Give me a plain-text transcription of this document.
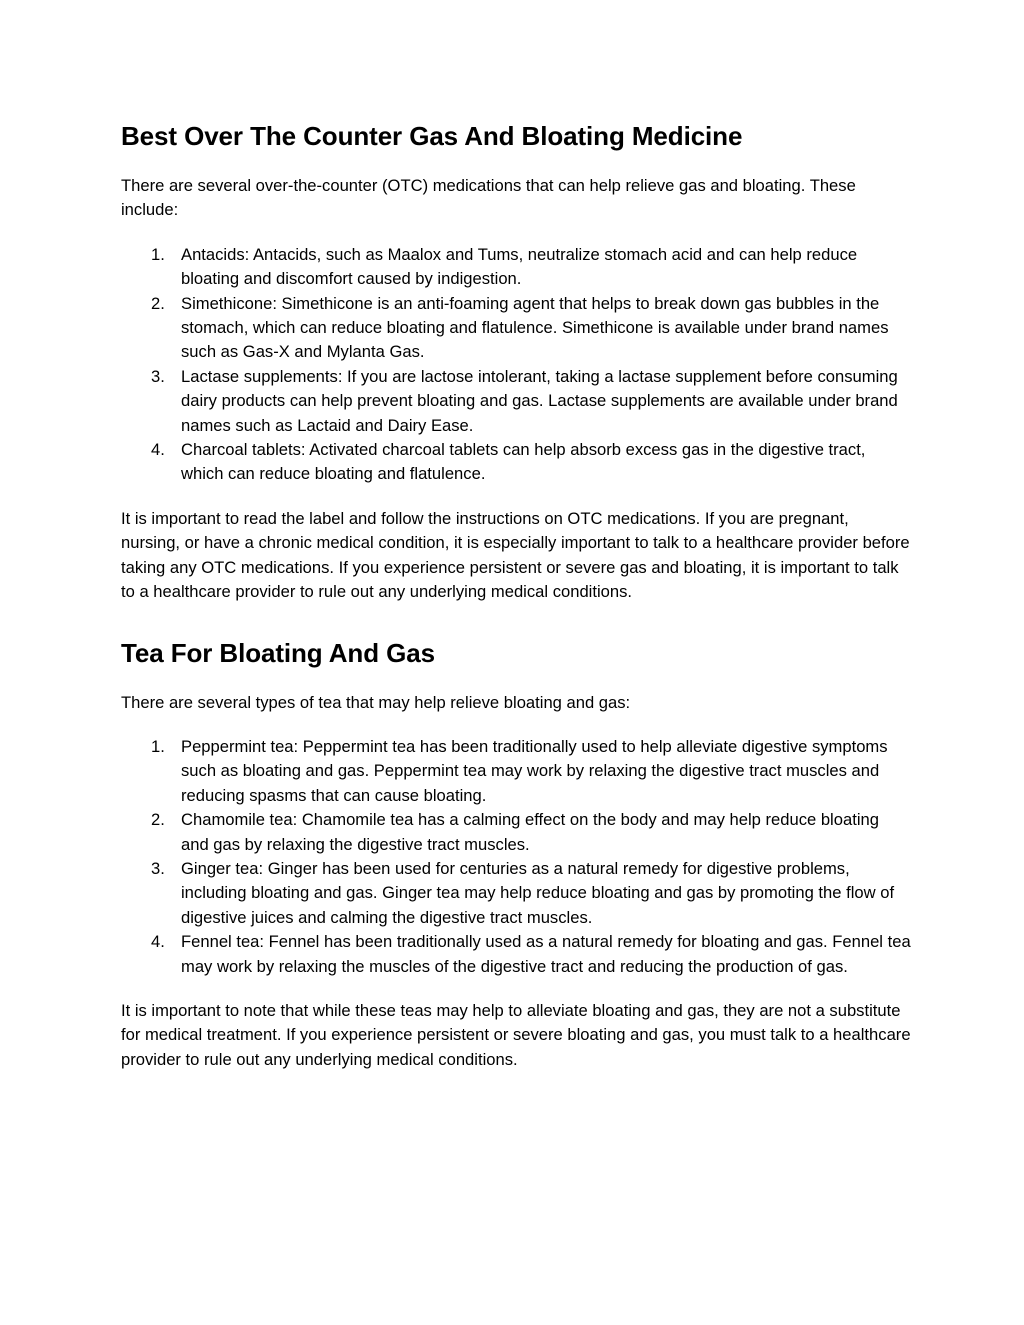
Best Over The Counter Gas And Bloating Medicine

There are several over-the-counter (OTC) medications that can help relieve gas and bloating. These include:

1. Antacids: Antacids, such as Maalox and Tums, neutralize stomach acid and can help reduce bloating and discomfort caused by indigestion.
2. Simethicone: Simethicone is an anti-foaming agent that helps to break down gas bubbles in the stomach, which can reduce bloating and flatulence. Simethicone is available under brand names such as Gas-X and Mylanta Gas.
3. Lactase supplements: If you are lactose intolerant, taking a lactase supplement before consuming dairy products can help prevent bloating and gas. Lactase supplements are available under brand names such as Lactaid and Dairy Ease.
4. Charcoal tablets: Activated charcoal tablets can help absorb excess gas in the digestive tract, which can reduce bloating and flatulence.

It is important to read the label and follow the instructions on OTC medications. If you are pregnant, nursing, or have a chronic medical condition, it is especially important to talk to a healthcare provider before taking any OTC medications. If you experience persistent or severe gas and bloating, it is important to talk to a healthcare provider to rule out any underlying medical conditions.

Tea For Bloating And Gas

There are several types of tea that may help relieve bloating and gas:

1. Peppermint tea: Peppermint tea has been traditionally used to help alleviate digestive symptoms such as bloating and gas. Peppermint tea may work by relaxing the digestive tract muscles and reducing spasms that can cause bloating.
2. Chamomile tea: Chamomile tea has a calming effect on the body and may help reduce bloating and gas by relaxing the digestive tract muscles.
3. Ginger tea: Ginger has been used for centuries as a natural remedy for digestive problems, including bloating and gas. Ginger tea may help reduce bloating and gas by promoting the flow of digestive juices and calming the digestive tract muscles.
4. Fennel tea: Fennel has been traditionally used as a natural remedy for bloating and gas. Fennel tea may work by relaxing the muscles of the digestive tract and reducing the production of gas.

It is important to note that while these teas may help to alleviate bloating and gas, they are not a substitute for medical treatment. If you experience persistent or severe bloating and gas, you must talk to a healthcare provider to rule out any underlying medical conditions.
